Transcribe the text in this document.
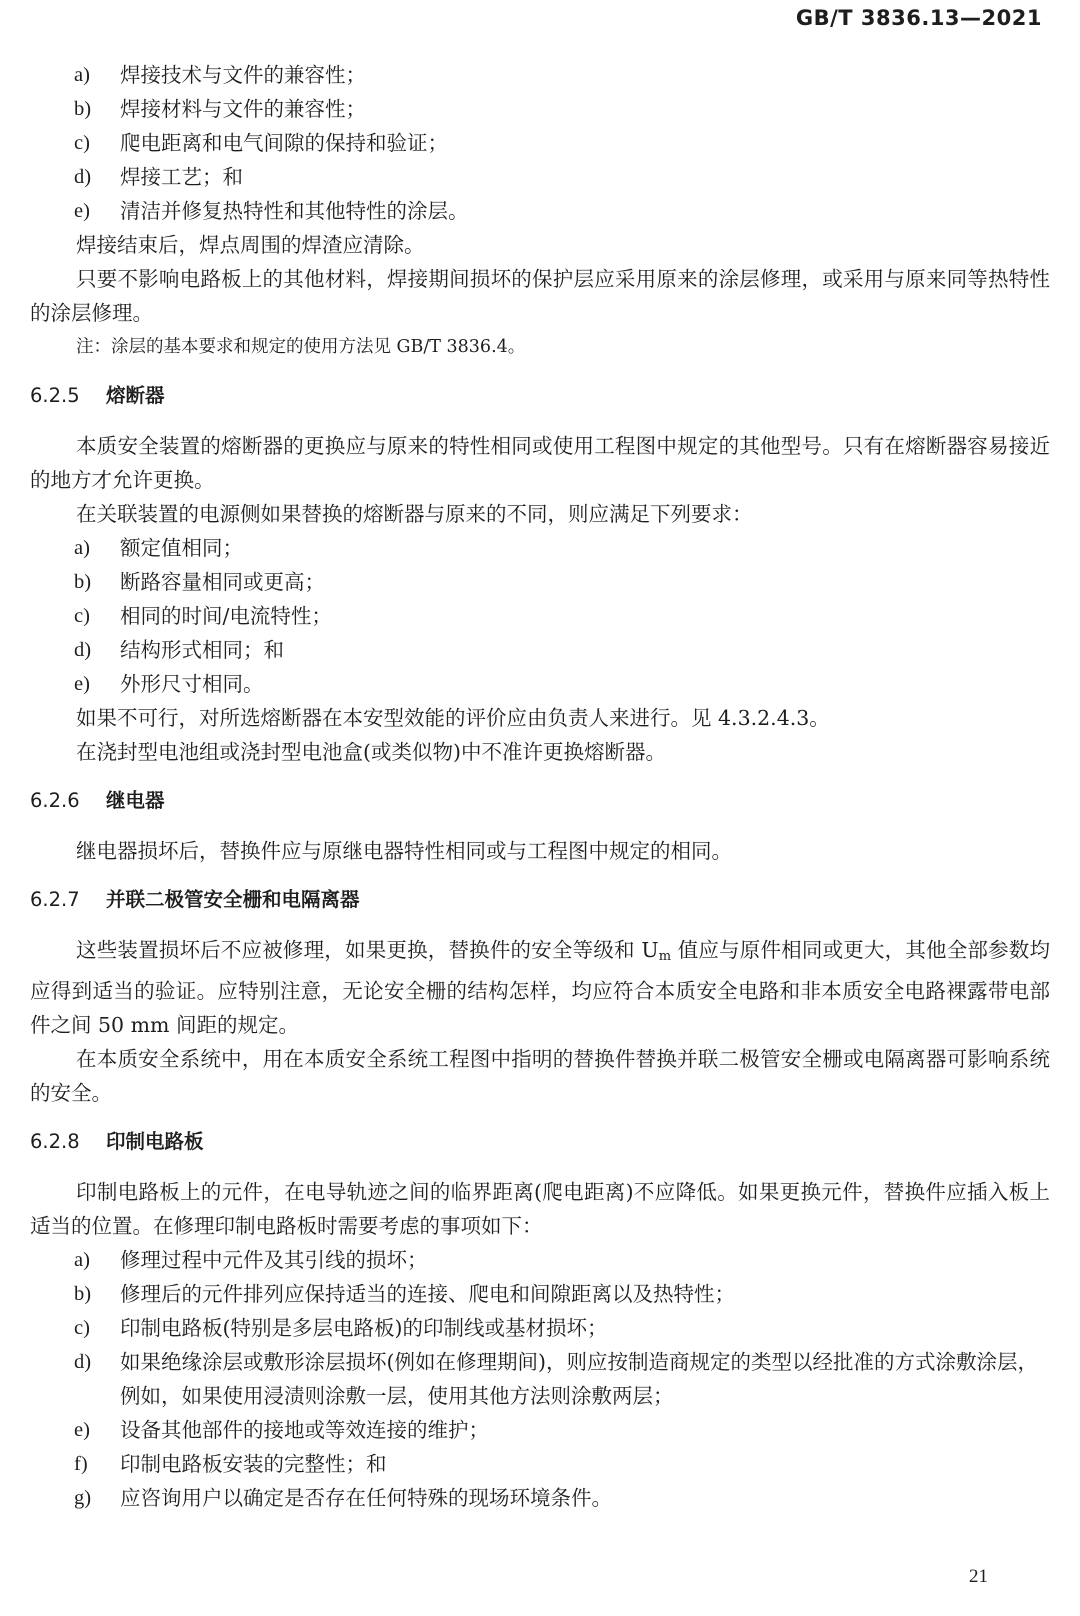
GB/T 3836.13—2021
a)	焊接技术与文件的兼容性；
b)	焊接材料与文件的兼容性；
c)	爬电距离和电气间隙的保持和验证；
d)	焊接工艺；和
e)	清洁并修复热特性和其他特性的涂层。
焊接结束后，焊点周围的焊渣应清除。
只要不影响电路板上的其他材料，焊接期间损坏的保护层应采用原来的涂层修理，或采用与原来同等热特性的涂层修理。
注：涂层的基本要求和规定的使用方法见 GB/T 3836.4。
6.2.5 熔断器
本质安全装置的熔断器的更换应与原来的特性相同或使用工程图中规定的其他型号。只有在熔断器容易接近的地方才允许更换。
在关联装置的电源侧如果替换的熔断器与原来的不同，则应满足下列要求：
a)	额定值相同；
b)	断路容量相同或更高；
c)	相同的时间/电流特性；
d)	结构形式相同；和
e)	外形尺寸相同。
如果不可行，对所选熔断器在本安型效能的评价应由负责人来进行。见 4.3.2.4.3。
在浇封型电池组或浇封型电池盒(或类似物)中不准许更换熔断器。
6.2.6 继电器
继电器损坏后，替换件应与原继电器特性相同或与工程图中规定的相同。
6.2.7 并联二极管安全栅和电隔离器
这些装置损坏后不应被修理，如果更换，替换件的安全等级和 $U_m$ 值应与原件相同或更大，其他全部参数均应得到适当的验证。应特别注意，无论安全栅的结构怎样，均应符合本质安全电路和非本质安全电路裸露带电部件之间 50 mm 间距的规定。
在本质安全系统中，用在本质安全系统工程图中指明的替换件替换并联二极管安全栅或电隔离器可影响系统的安全。
6.2.8 印制电路板
印制电路板上的元件，在电导轨迹之间的临界距离(爬电距离)不应降低。如果更换元件，替换件应插入板上适当的位置。在修理印制电路板时需要考虑的事项如下：
a)	修理过程中元件及其引线的损坏；
b)	修理后的元件排列应保持适当的连接、爬电和间隙距离以及热特性；
c)	印制电路板(特别是多层电路板)的印制线或基材损坏；
d)	如果绝缘涂层或敷形涂层损坏(例如在修理期间)，则应按制造商规定的类型以经批准的方式涂敷涂层，例如，如果使用浸渍则涂敷一层，使用其他方法则涂敷两层；
e)	设备其他部件的接地或等效连接的维护；
f)	印制电路板安装的完整性；和
g)	应咨询用户以确定是否存在任何特殊的现场环境条件。
21
